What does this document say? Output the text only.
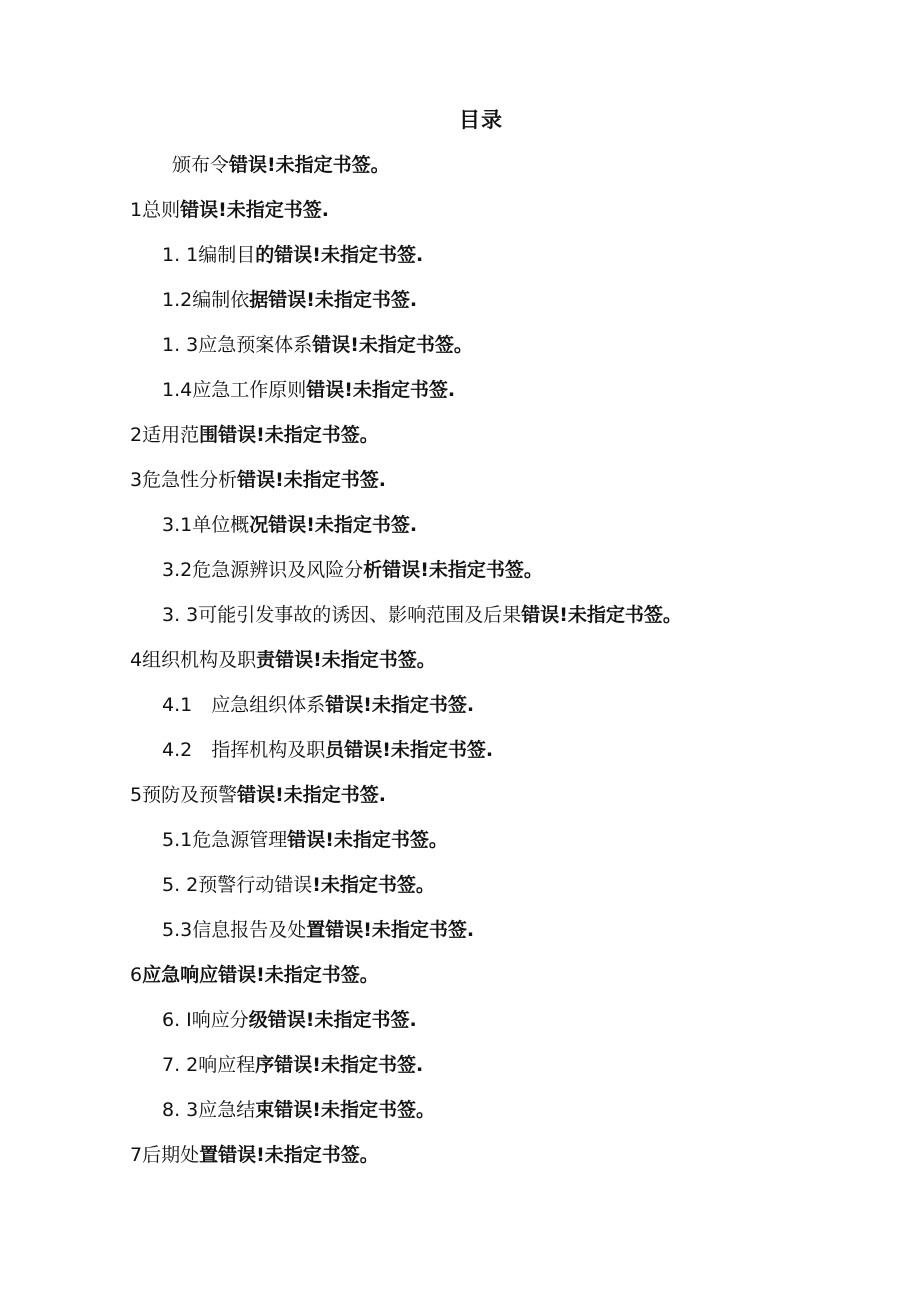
目录
颁布令错误!未指定书签。
1总则错误!未指定书签.
1. 1编制目的错误!未指定书签.
1.2编制依据错误!未指定书签.
1. 3应急预案体系错误!未指定书签。
1.4应急工作原则错误!未指定书签.
2适用范围错误!未指定书签。
3危急性分析错误!未指定书签.
3.1单位概况错误!未指定书签.
3.2危急源辨识及风险分析错误!未指定书签。
3. 3可能引发事故的诱因、影响范围及后果错误!未指定书签。
4组织机构及职责错误!未指定书签。
4.1　应急组织体系错误!未指定书签.
4.2　指挥机构及职员错误!未指定书签.
5预防及预警错误!未指定书签.
5.1危急源管理错误!未指定书签。
5. 2预警行动错误!未指定书签。
5.3信息报告及处置错误!未指定书签.
6应急响应错误!未指定书签。
6. I响应分级错误!未指定书签.
7. 2响应程序错误!未指定书签.
8. 3应急结束错误!未指定书签。
7后期处置错误!未指定书签。
